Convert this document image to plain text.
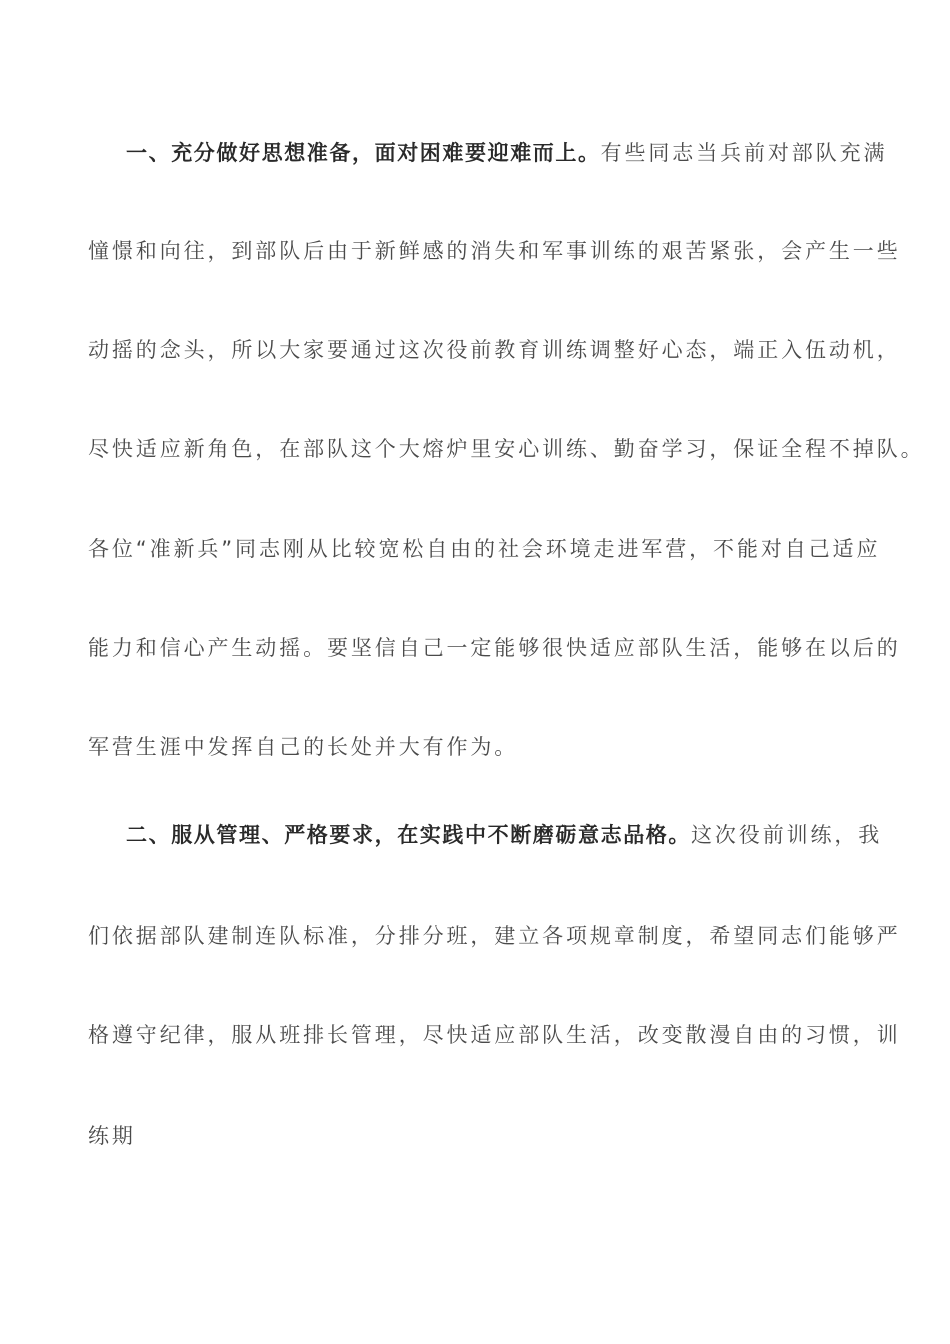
一、充分做好思想准备，面对困难要迎难而上。有些同志当兵前对部队充满
憧憬和向往，到部队后由于新鲜感的消失和军事训练的艰苦紧张，会产生一些
动摇的念头，所以大家要通过这次役前教育训练调整好心态，端正入伍动机，
尽快适应新角色，在部队这个大熔炉里安心训练、勤奋学习，保证全程不掉队。
各位“准新兵”同志刚从比较宽松自由的社会环境走进军营，不能对自己适应
能力和信心产生动摇。要坚信自己一定能够很快适应部队生活，能够在以后的
军营生涯中发挥自己的长处并大有作为。
二、服从管理、严格要求，在实践中不断磨砺意志品格。这次役前训练，我
们依据部队建制连队标准，分排分班，建立各项规章制度，希望同志们能够严
格遵守纪律，服从班排长管理，尽快适应部队生活，改变散漫自由的习惯，训
练期
